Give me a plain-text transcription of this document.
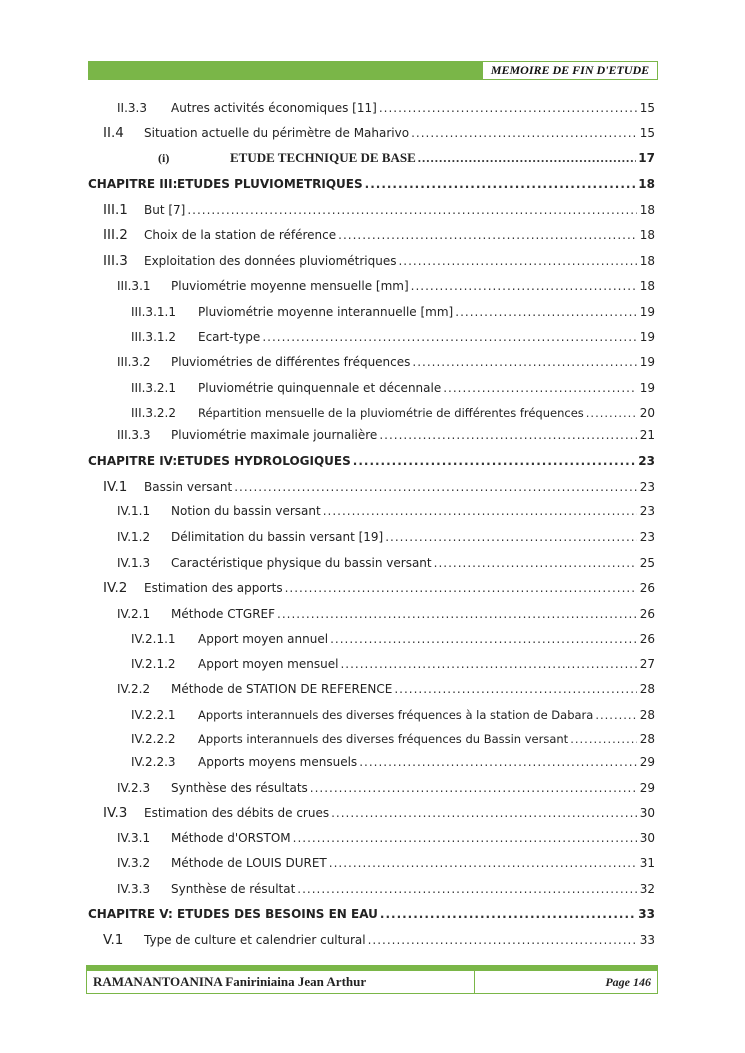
MEMOIRE DE FIN D'ETUDE
II.3.3 Autres activités économiques [11] .....	15
II.4 Situation actuelle du périmètre de Maharivo .....	15
(i)	ETUDE TECHNIQUE DE BASE .....	17
CHAPITRE III: ETUDES PLUVIOMETRIQUES .....	18
III.1 But [7] .....	18
III.2 Choix de la station de référence .....	18
III.3 Exploitation des données pluviométriques .....	18
III.3.1 Pluviométrie moyenne mensuelle [mm] .....	18
III.3.1.1 Pluviométrie moyenne interannuelle [mm] .....	19
III.3.1.2 Ecart-type .....	19
III.3.2 Pluviométries de différentes fréquences .....	19
III.3.2.1 Pluviométrie quinquennale et décennale .....	19
III.3.2.2 Répartition mensuelle de la pluviométrie de différentes fréquences .....	20
III.3.3 Pluviométrie maximale journalière .....	21
CHAPITRE IV: ETUDES HYDROLOGIQUES .....	23
IV.1 Bassin versant .....	23
IV.1.1 Notion du bassin versant .....	23
IV.1.2 Délimitation du bassin versant [19] .....	23
IV.1.3 Caractéristique physique du bassin versant .....	25
IV.2 Estimation des apports .....	26
IV.2.1 Méthode CTGREF .....	26
IV.2.1.1 Apport moyen annuel .....	26
IV.2.1.2 Apport moyen mensuel .....	27
IV.2.2 Méthode de STATION DE REFERENCE .....	28
IV.2.2.1 Apports interannuels des diverses fréquences à la station de Dabara .....	28
IV.2.2.2 Apports interannuels des diverses fréquences du Bassin versant .....	28
IV.2.2.3 Apports moyens mensuels .....	29
IV.2.3 Synthèse des résultats .....	29
IV.3 Estimation des débits de crues .....	30
IV.3.1 Méthode d'ORSTOM .....	30
IV.3.2 Méthode de LOUIS DURET .....	31
IV.3.3 Synthèse de résultat .....	32
CHAPITRE V: ETUDES DES BESOINS EN EAU .....	33
V.1 Type de culture et calendrier cultural .....	33
RAMANANTOANINA Faniriniaina Jean Arthur	Page 146
